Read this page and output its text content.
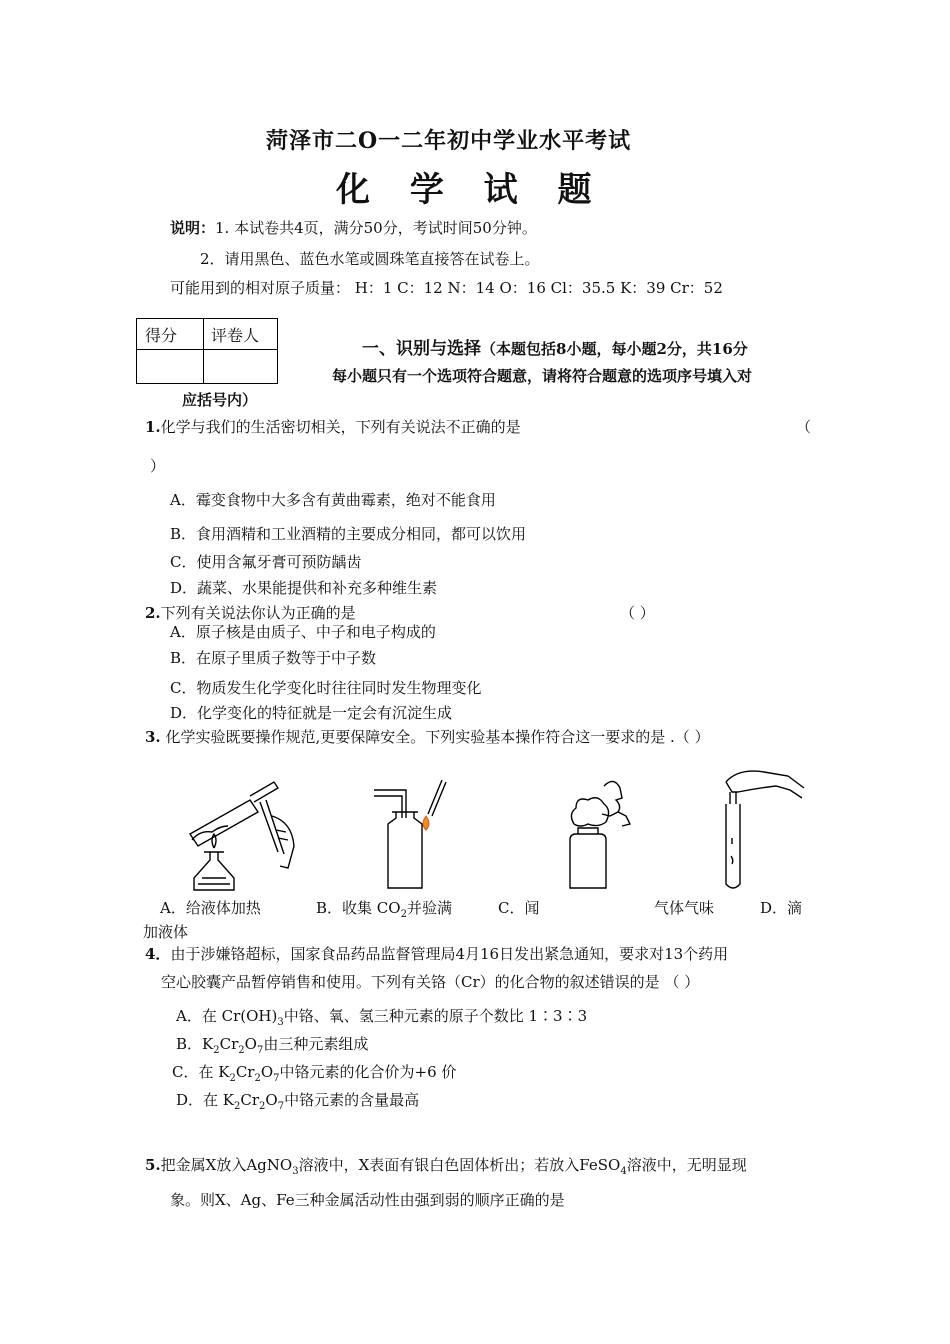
菏泽市二O一二年初中学业水平考试
化 学 试 题
说明：1. 本试卷共4页，满分50分，考试时间50分钟。
2．请用黑色、蓝色水笔或圆珠笔直接答在试卷上。
可能用到的相对原子质量： H：1 C：12 N：14 O：16 Cl：35.5 K：39 Cr：52
得分 评卷人
一、识别与选择（本题包括8小题，每小题2分，共16分
每小题只有一个选项符合题意，请将符合题意的选项序号填入对
应括号内）
1.化学与我们的生活密切相关，下列有关说法不正确的是	（
）
A．霉变食物中大多含有黄曲霉素，绝对不能食用
B．食用酒精和工业酒精的主要成分相同，都可以饮用
C．使用含氟牙膏可预防龋齿
D．蔬菜、水果能提供和补充多种维生素
2.下列有关说法你认为正确的是	（ ）
A．原子核是由质子、中子和电子构成的
B．在原子里质子数等于中子数
C．物质发生化学变化时往往同时发生物理变化
D．化学变化的特征就是一定会有沉淀生成
3. 化学实验既要操作规范,更要保障安全。下列实验基本操作符合这一要求的是 .（ ）
A．给液体加热	B．收集 $CO_2$并验满	C．闻	气体气味	D．滴
加液体
4．由于涉嫌铬超标，国家食品药品监督管理局4月16日发出紧急通知，要求对13个药用
空心胶囊产品暂停销售和使用。下列有关铬（Cr）的化合物的叙述错误的是 （ ）
A．在 $Cr(OH)_3$中铬、氧、氢三种元素的原子个数比 1∶3∶3
B．$K_2Cr_2O_7$由三种元素组成
C．在 $K_2Cr_2O_7$中铬元素的化合价为+6 价
D．在 $K_2Cr_2O_7$中铬元素的含量最高
5.把金属X放入AgNO$_3$溶液中，X表面有银白色固体析出；若放入FeSO$_4$溶液中，无明显现
象。则X、Ag、Fe三种金属活动性由强到弱的顺序正确的是
